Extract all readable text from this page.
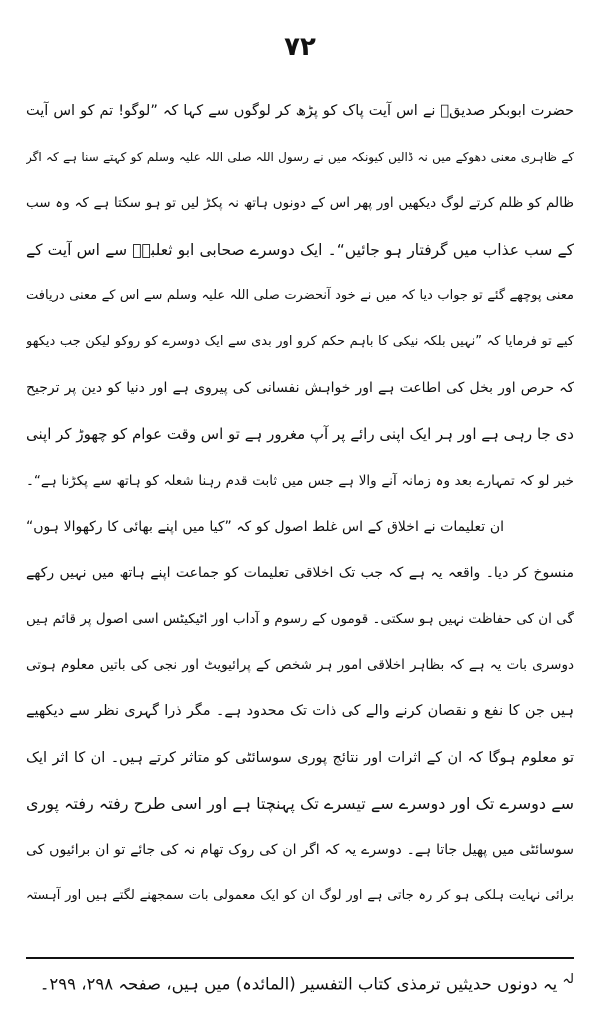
٧٢
حضرت ابوبکر صدیقؓ نے اس آیت پاک کو پڑھ کر لوگوں سے کہا کہ ”لوگو! تم کو اس آیت
کے ظاہری معنی دھوکے میں نہ ڈالیں کیونکہ میں نے رسول اللہ صلی اللہ علیہ وسلم کو کہتے سنا ہے کہ اگر
ظالم کو ظلم کرتے لوگ دیکھیں اور پھر اس کے دونوں ہاتھ نہ پکڑ لیں تو ہو سکتا ہے کہ وہ سب
کے سب عذاب میں گرفتار ہو جائیں“۔ ایک دوسرے صحابی ابو ثعلبہؓ سے اس آیت کے
معنی پوچھے گئے تو جواب دیا کہ میں نے خود آنحضرت صلی اللہ علیہ وسلم سے اس کے معنی دریافت
کیے تو فرمایا کہ ”نہیں بلکہ نیکی کا باہم حکم کرو اور بدی سے ایک دوسرے کو روکو لیکن جب دیکھو
کہ حرص اور بخل کی اطاعت ہے اور خواہش نفسانی کی پیروی ہے اور دنیا کو دین پر ترجیح
دی جا رہی ہے اور ہر ایک اپنی رائے پر آپ مغرور ہے تو اس وقت عوام کو چھوڑ کر اپنی
خبر لو کہ تمہارے بعد وہ زمانہ آنے والا ہے جس میں ثابت قدم رہنا شعلہ کو ہاتھ سے پکڑنا ہے“۔
ان تعلیمات نے اخلاق کے اس غلط اصول کو کہ ”کیا میں اپنے بھائی کا رکھوالا ہوں“
منسوخ کر دیا۔ واقعہ یہ ہے کہ جب تک اخلاقی تعلیمات کو جماعت اپنے ہاتھ میں نہیں رکھے
گی ان کی حفاظت نہیں ہو سکتی۔ قوموں کے رسوم و آداب اور اٹیکیٹس اسی اصول پر قائم ہیں
دوسری بات یہ ہے کہ بظاہر اخلاقی امور ہر شخص کے پرائیویٹ اور نجی کی باتیں معلوم ہوتی
ہیں جن کا نفع و نقصان کرنے والے کی ذات تک محدود ہے۔ مگر ذرا گہری نظر سے دیکھیے
تو معلوم ہوگا کہ ان کے اثرات اور نتائج پوری سوسائٹی کو متاثر کرتے ہیں۔ ان کا اثر ایک
سے دوسرے تک اور دوسرے سے تیسرے تک پہنچتا ہے اور اسی طرح رفتہ رفتہ پوری
سوسائٹی میں پھیل جاتا ہے۔ دوسرے یہ کہ اگر ان کی روک تھام نہ کی جائے تو ان برائیوں کی
برائی نہایت ہلکی ہو کر رہ جاتی ہے اور لوگ ان کو ایک معمولی بات سمجھنے لگتے ہیں اور آہستہ
$^{لہ}$ یہ دونوں حدیثیں ترمذی کتاب التفسیر (المائدہ) میں ہیں، صفحہ ۲۹۸، ۲۹۹۔
